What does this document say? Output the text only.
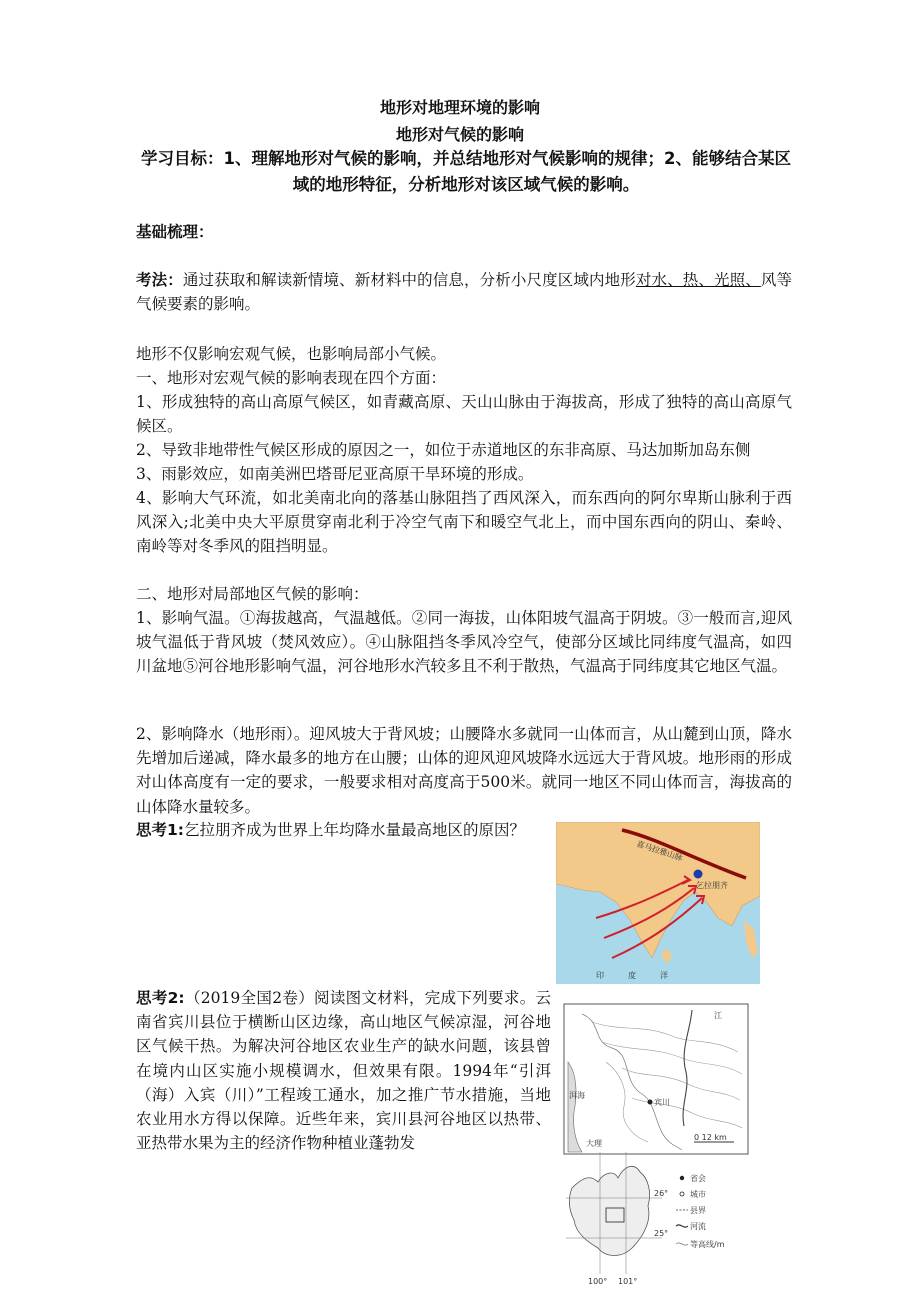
地形对地理环境的影响
地形对气候的影响
学习目标：1、理解地形对气候的影响，并总结地形对气候影响的规律；2、能够结合某区域的地形特征，分析地形对该区域气候的影响。
基础梳理：
考法：通过获取和解读新情境、新材料中的信息，分析小尺度区域内地形对水、热、光照、风等气候要素的影响。
地形不仅影响宏观气候，也影响局部小气候。
一、地形对宏观气候的影响表现在四个方面：
1、形成独特的高山高原气候区，如青藏高原、天山山脉由于海拔高，形成了独特的高山高原气候区。
2、导致非地带性气候区形成的原因之一，如位于赤道地区的东非高原、马达加斯加岛东侧
3、雨影效应，如南美洲巴塔哥尼亚高原干旱环境的形成。
4、影响大气环流，如北美南北向的落基山脉阻挡了西风深入，而东西向的阿尔卑斯山脉利于西风深入;北美中央大平原贯穿南北利于冷空气南下和暖空气北上，而中国东西向的阴山、秦岭、南岭等对冬季风的阻挡明显。
二、地形对局部地区气候的影响：
1、影响气温。①海拔越高，气温越低。②同一海拔，山体阳坡气温高于阴坡。③一般而言,迎风坡气温低于背风坡（焚风效应）。④山脉阻挡冬季风冷空气，使部分区域比同纬度气温高，如四川盆地⑤河谷地形影响气温，河谷地形水汽较多且不利于散热，气温高于同纬度其它地区气温。
2、影响降水（地形雨）。迎风坡大于背风坡；山腰降水多就同一山体而言，从山麓到山顶，降水先增加后递减，降水最多的地方在山腰；山体的迎风迎风坡降水远远大于背风坡。地形雨的形成对山体高度有一定的要求，一般要求相对高度高于500米。就同一地区不同山体而言，海拔高的山体降水量较多。
思考1:乞拉朋齐成为世界上年均降水量最高地区的原因？
思考2:（2019全国2卷）阅读图文材料，完成下列要求。云南省宾川县位于横断山区边缘，高山地区气候凉湿，河谷地区气候干热。为解决河谷地区农业生产的缺水问题，该县曾在境内山区实施小规模调水，但效果有限。1994年“引洱（海）入宾（川）”工程竣工通水，加之推广节水措施，当地农业用水方得以保障。近些年来，宾川县河谷地区以热带、亚热带水果为主的经济作物种植业蓬勃发
喜马拉雅山脉
乞拉朋齐
印度洋
洱海
宾川
大理
江
0 12 km
26°
25°
100° 101°
省会
城市
县界
河流
等高线/m
